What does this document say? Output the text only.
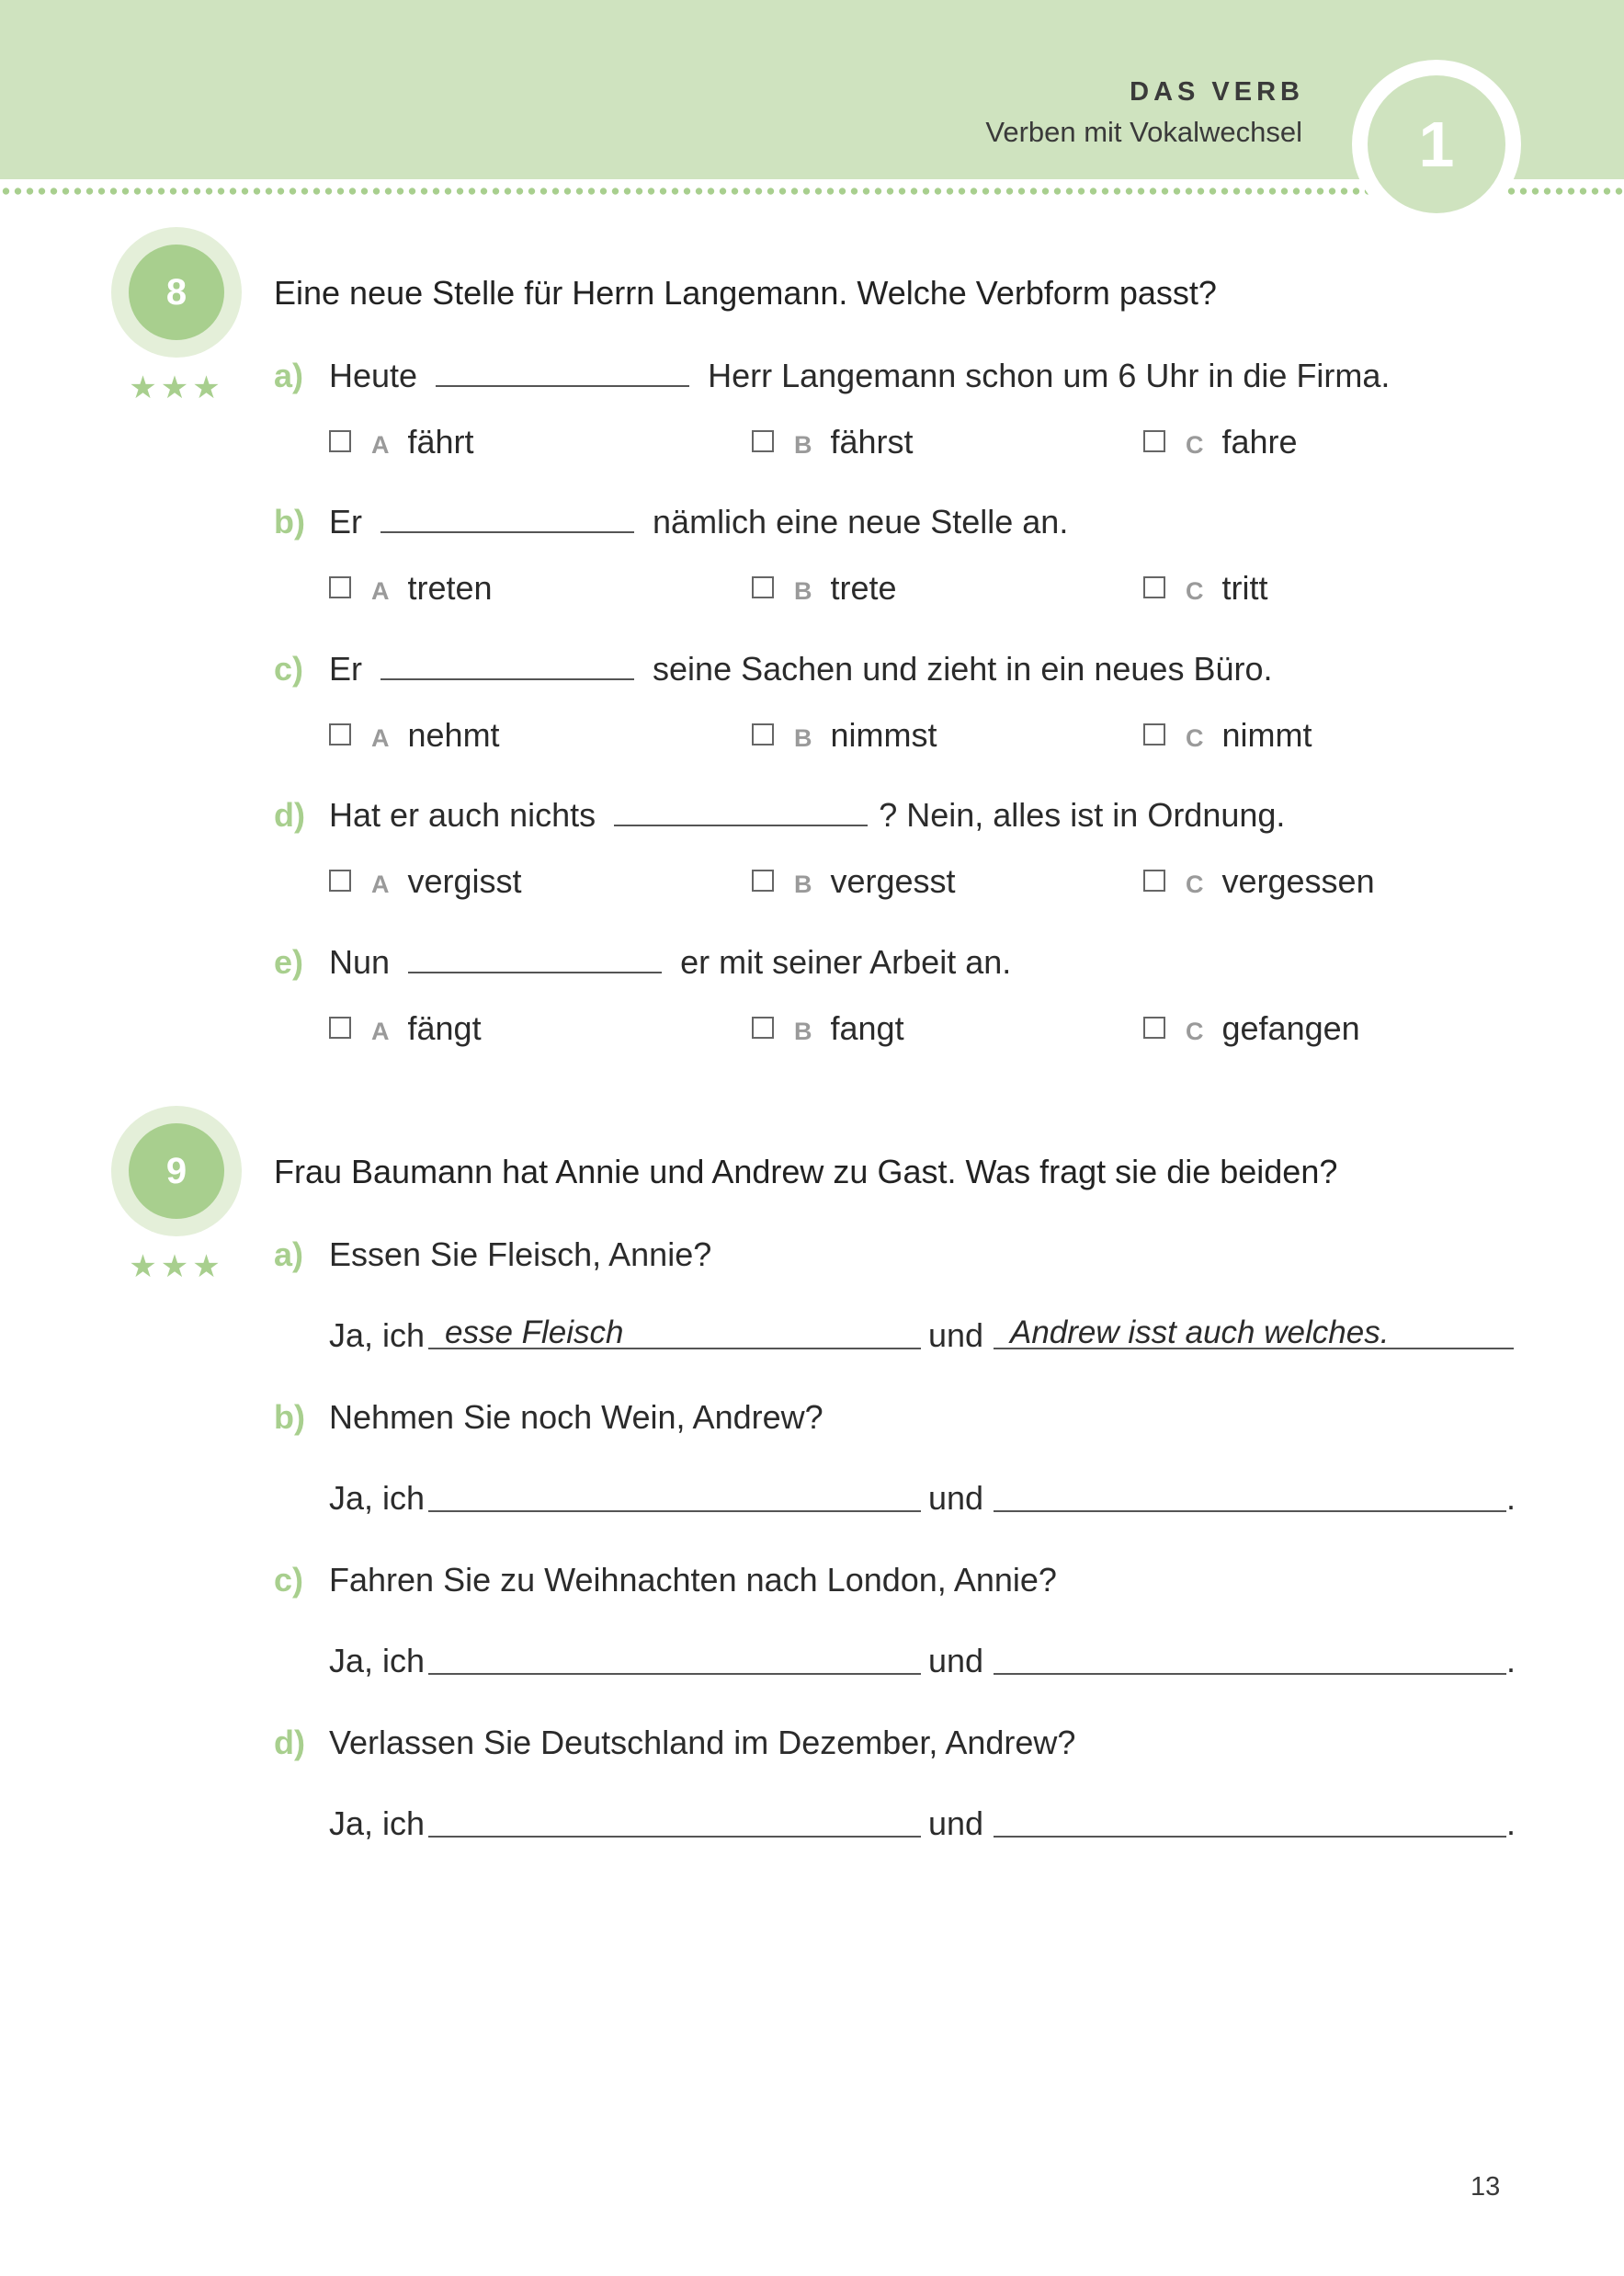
DAS VERB
Verben mit Vokalwechsel	1
8
★★★
Eine neue Stelle für Herrn Langemann. Welche Verbform passt?
a) Heute	Herr Langemann schon um 6 Uhr in die Firma.
A fährt	B fährst	C fahre
b) Er	nämlich eine neue Stelle an.
A treten	B trete	C tritt
c) Er	seine Sachen und zieht in ein neues Büro.
A nehmt	B nimmst	C nimmt
d) Hat er auch nichts	? Nein, alles ist in Ordnung.
A vergisst	B vergesst	C vergessen
e) Nun	er mit seiner Arbeit an.
A fängt	B fangt	C gefangen
9
★★★
Frau Baumann hat Annie und Andrew zu Gast. Was fragt sie die beiden?
a) Essen Sie Fleisch, Annie?
Ja, ich esse Fleisch	und Andrew isst auch welches.
b) Nehmen Sie noch Wein, Andrew?
Ja, ich	und	.
c) Fahren Sie zu Weihnachten nach London, Annie?
Ja, ich	und	.
d) Verlassen Sie Deutschland im Dezember, Andrew?
Ja, ich	und	.
13
